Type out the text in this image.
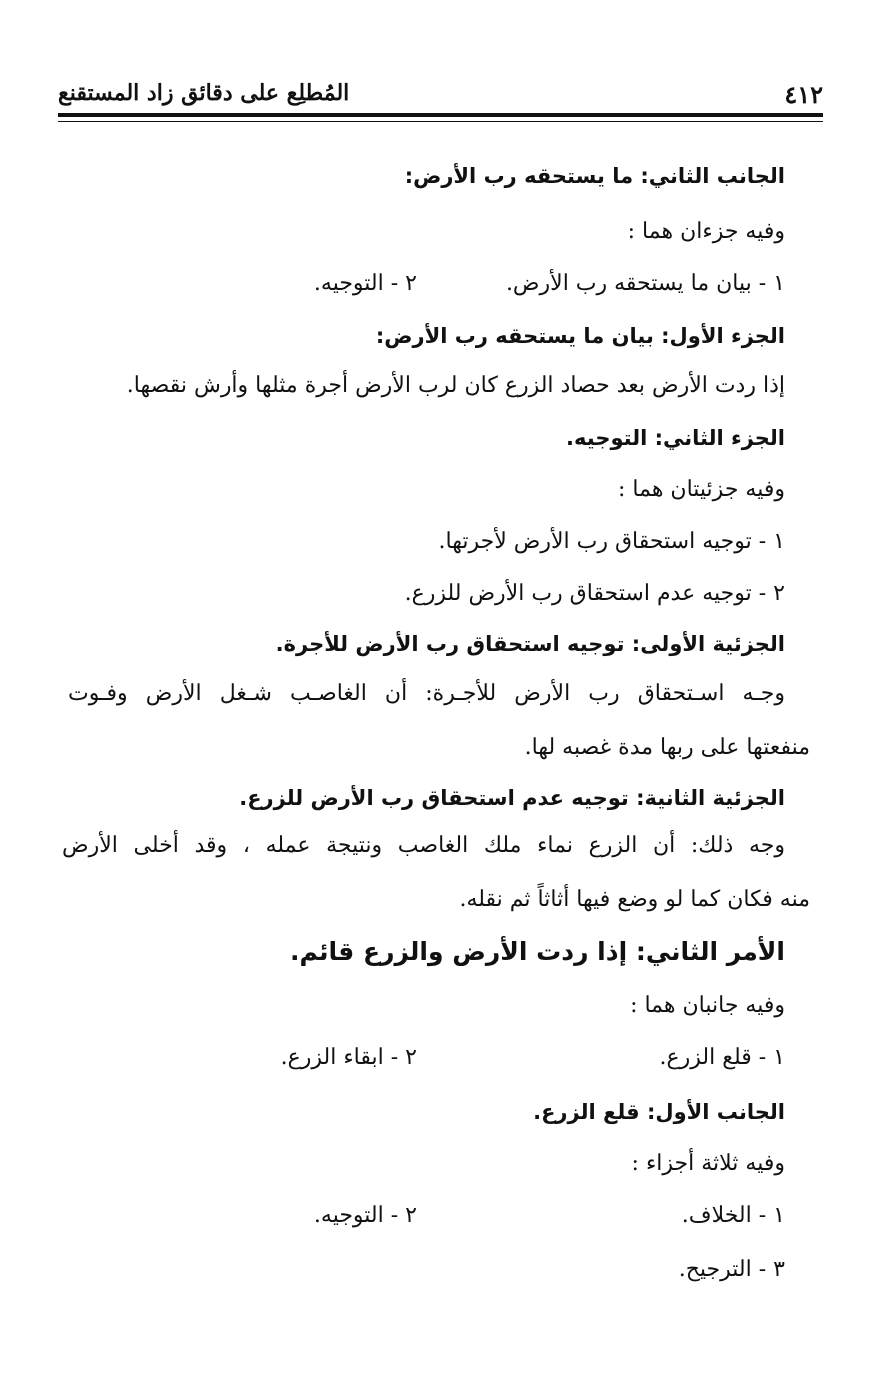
٤١٢
المُطلِع على دقائق زاد المستقنع
الجانب الثاني: ما يستحقه رب الأرض:
وفيه جزءان هما :
١ - بيان ما يستحقه رب الأرض.
٢ - التوجيه.
الجزء الأول: بيان ما يستحقه رب الأرض:
إذا ردت الأرض بعد حصاد الزرع كان لرب الأرض أجرة مثلها وأرش نقصها.
الجزء الثاني: التوجيه.
وفيه جزئيتان هما :
١ - توجيه استحقاق رب الأرض لأجرتها.
٢ - توجيه عدم استحقاق رب الأرض للزرع.
الجزئية الأولى: توجيه استحقاق رب الأرض للأجرة.
وجـه اسـتحقاق رب الأرض للأجـرة: أن الغاصـب شـغل الأرض وفـوت
منفعتها على ربها مدة غصبه لها.
الجزئية الثانية: توجيه عدم استحقاق رب الأرض للزرع.
وجه ذلك: أن الزرع نماء ملك الغاصب ونتيجة عمله ، وقد أخلى الأرض
منه فكان كما لو وضع فيها أثاثاً ثم نقله.
الأمر الثاني: إذا ردت الأرض والزرع قائم.
وفيه جانبان هما :
١ - قلع الزرع.
٢ - ابقاء الزرع.
الجانب الأول: قلع الزرع.
وفيه ثلاثة أجزاء :
١ - الخلاف.
٢ - التوجيه.
٣ - الترجيح.
